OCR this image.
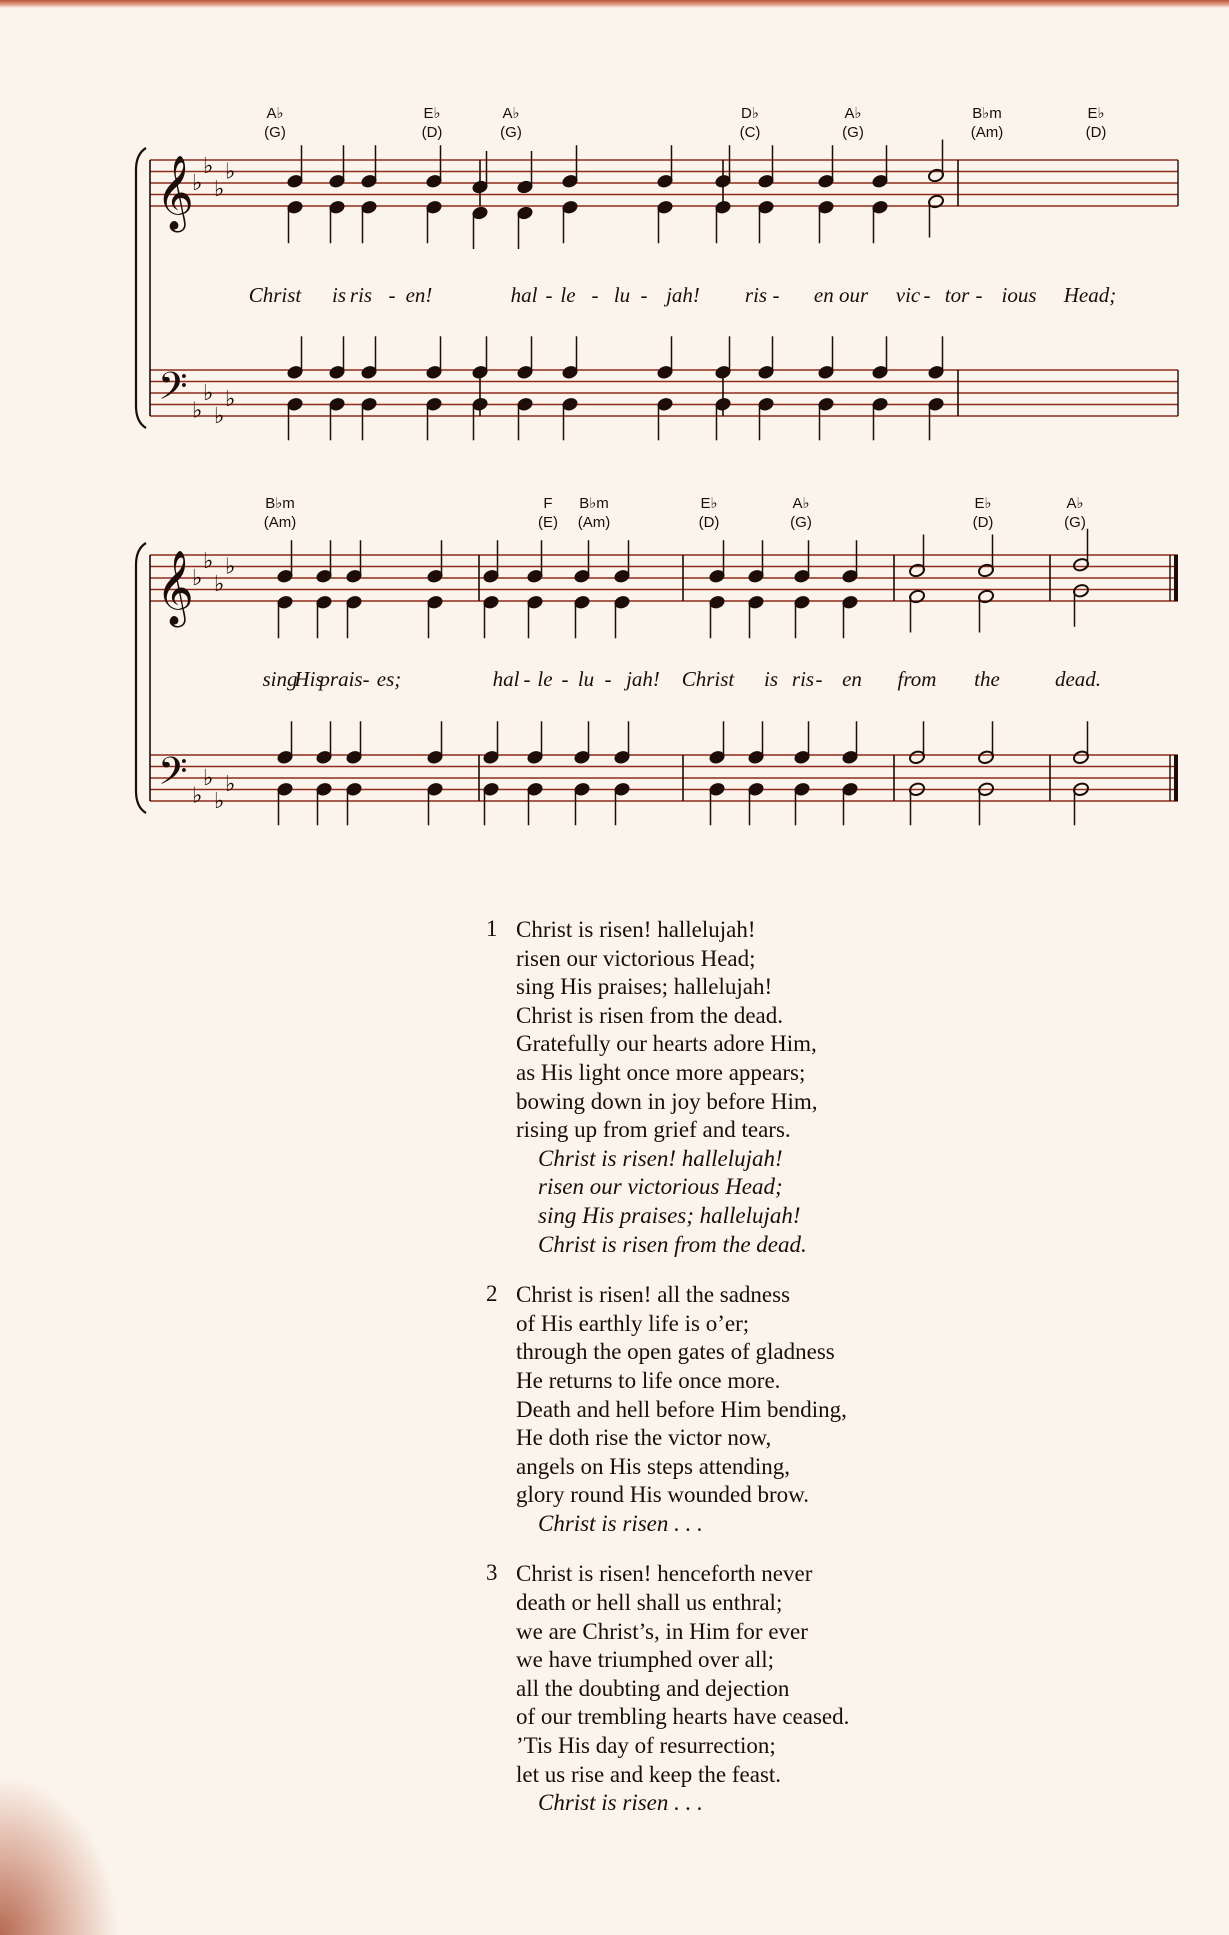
𝄞
𝄢
♭
♭
♭
♭
♭
♭
♭
♭
A♭
(G)
E♭
(D)
A♭
(G)
D♭
(C)
A♭
(G)
B♭m
(Am)
E♭
(D)
Christ is ris - en!	hal - le - lu - jah! ris - en our vic - tor - ious Head;
𝄞
𝄢
♭
♭
♭
♭
♭
♭
♭
♭
B♭m
(Am)
F
(E)
B♭m
(Am)
E♭
(D)
A♭
(G)
E♭
(D)
A♭
(G)
sing
His
prais - es;	hal - le - lu - jah! Christ is ris - en from the	dead.
1 Christ is risen! hallelujah!
risen our victorious Head;
sing His praises; hallelujah!
Christ is risen from the dead.
Gratefully our hearts adore Him,
as His light once more appears;
bowing down in joy before Him,
rising up from grief and tears.
Christ is risen! hallelujah!
risen our victorious Head;
sing His praises; hallelujah!
Christ is risen from the dead.
2 Christ is risen! all the sadness
of His earthly life is o’er;
through the open gates of gladness
He returns to life once more.
Death and hell before Him bending,
He doth rise the victor now,
angels on His steps attending,
glory round His wounded brow.
Christ is risen . . .
3 Christ is risen! henceforth never
death or hell shall us enthral;
we are Christ’s, in Him for ever
we have triumphed over all;
all the doubting and dejection
of our trembling hearts have ceased.
’Tis His day of resurrection;
let us rise and keep the feast.
Christ is risen . . .
